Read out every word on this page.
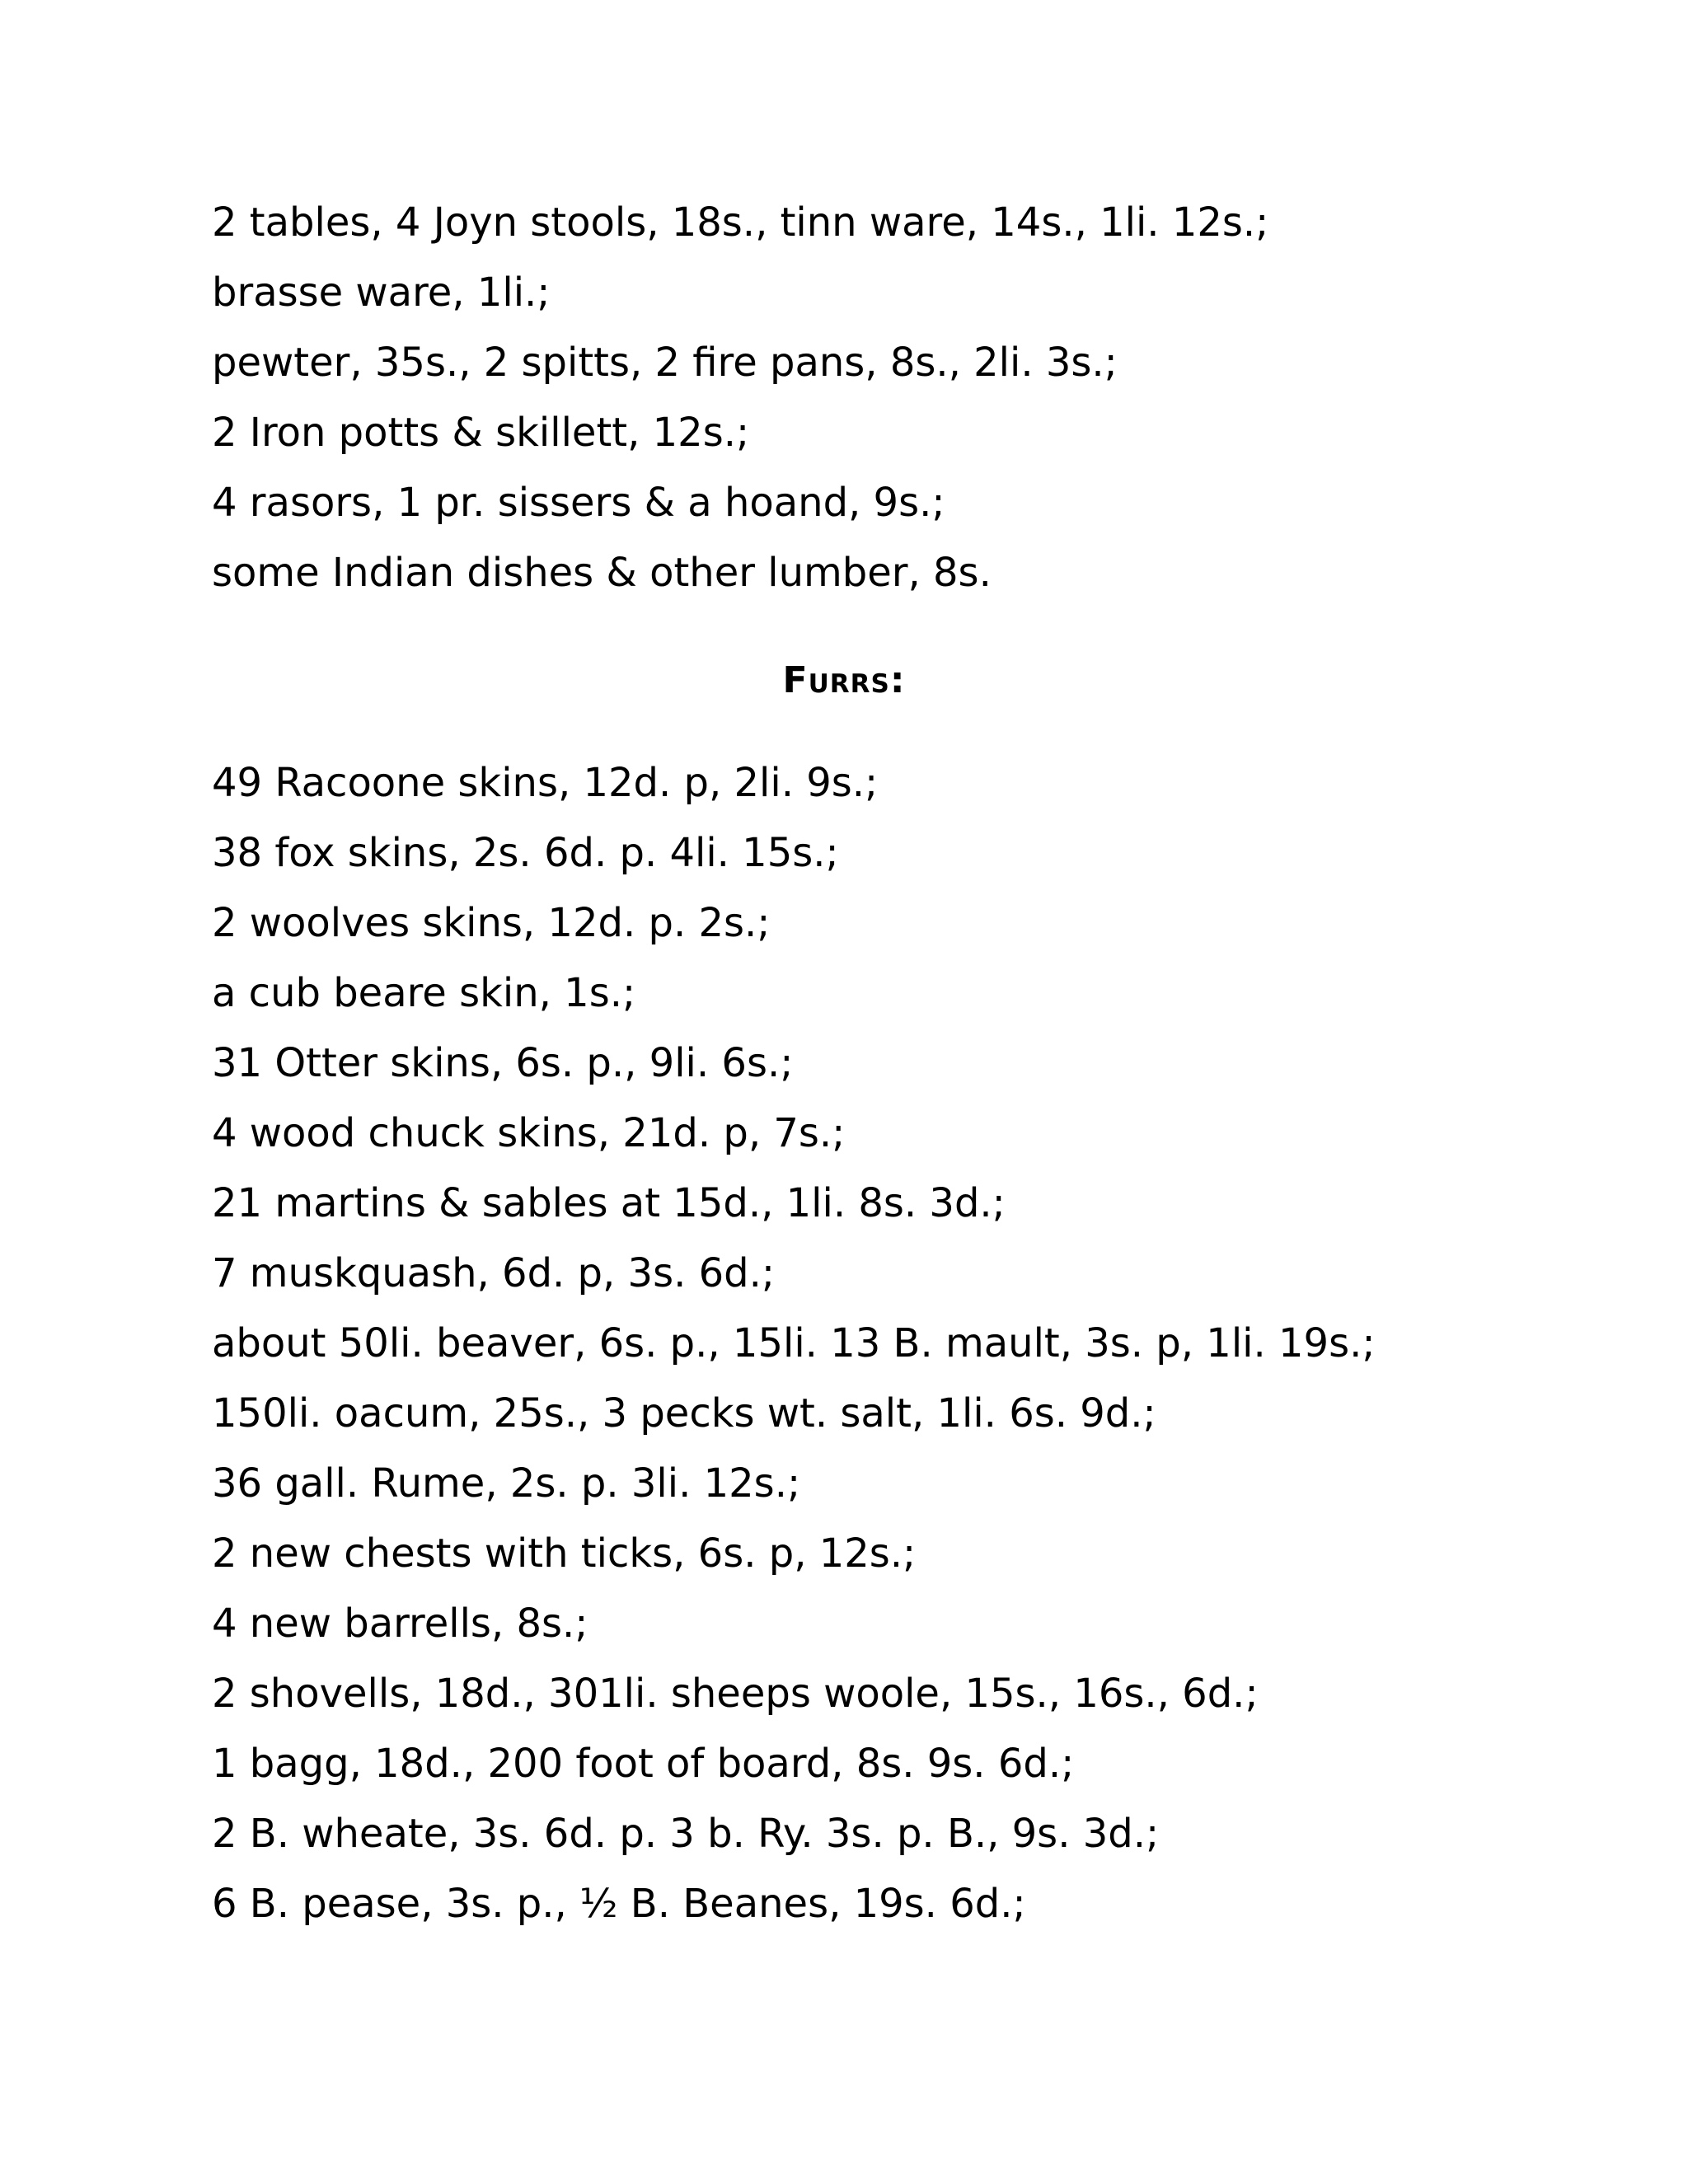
2 tables, 4 Joyn stools, 18s., tinn ware, 14s., 1li. 12s.;
brasse ware, 1li.;
pewter, 35s., 2 spitts, 2 fire pans, 8s., 2li. 3s.;
2 Iron potts & skillett, 12s.;
4 rasors, 1 pr. sissers & a hoand, 9s.;
some Indian dishes & other lumber, 8s.
Furrs:
49 Racoone skins, 12d. p, 2li. 9s.;
38 fox skins, 2s. 6d. p. 4li. 15s.;
2 woolves skins, 12d. p. 2s.;
a cub beare skin, 1s.;
31 Otter skins, 6s. p., 9li. 6s.;
4 wood chuck skins, 21d. p, 7s.;
21 martins & sables at 15d., 1li. 8s. 3d.;
7 muskquash, 6d. p, 3s. 6d.;
about 50li. beaver, 6s. p., 15li. 13 B. mault, 3s. p, 1li. 19s.;
150li. oacum, 25s., 3 pecks wt. salt, 1li. 6s. 9d.;
36 gall. Rume, 2s. p. 3li. 12s.;
2 new chests with ticks, 6s. p, 12s.;
4 new barrells, 8s.;
2 shovells, 18d., 301li. sheeps woole, 15s., 16s., 6d.;
1 bagg, 18d., 200 foot of board, 8s. 9s. 6d.;
2 B. wheate, 3s. 6d. p. 3 b. Ry. 3s. p. B., 9s. 3d.;
6 B. pease, 3s. p., ½ B. Beanes, 19s. 6d.;
